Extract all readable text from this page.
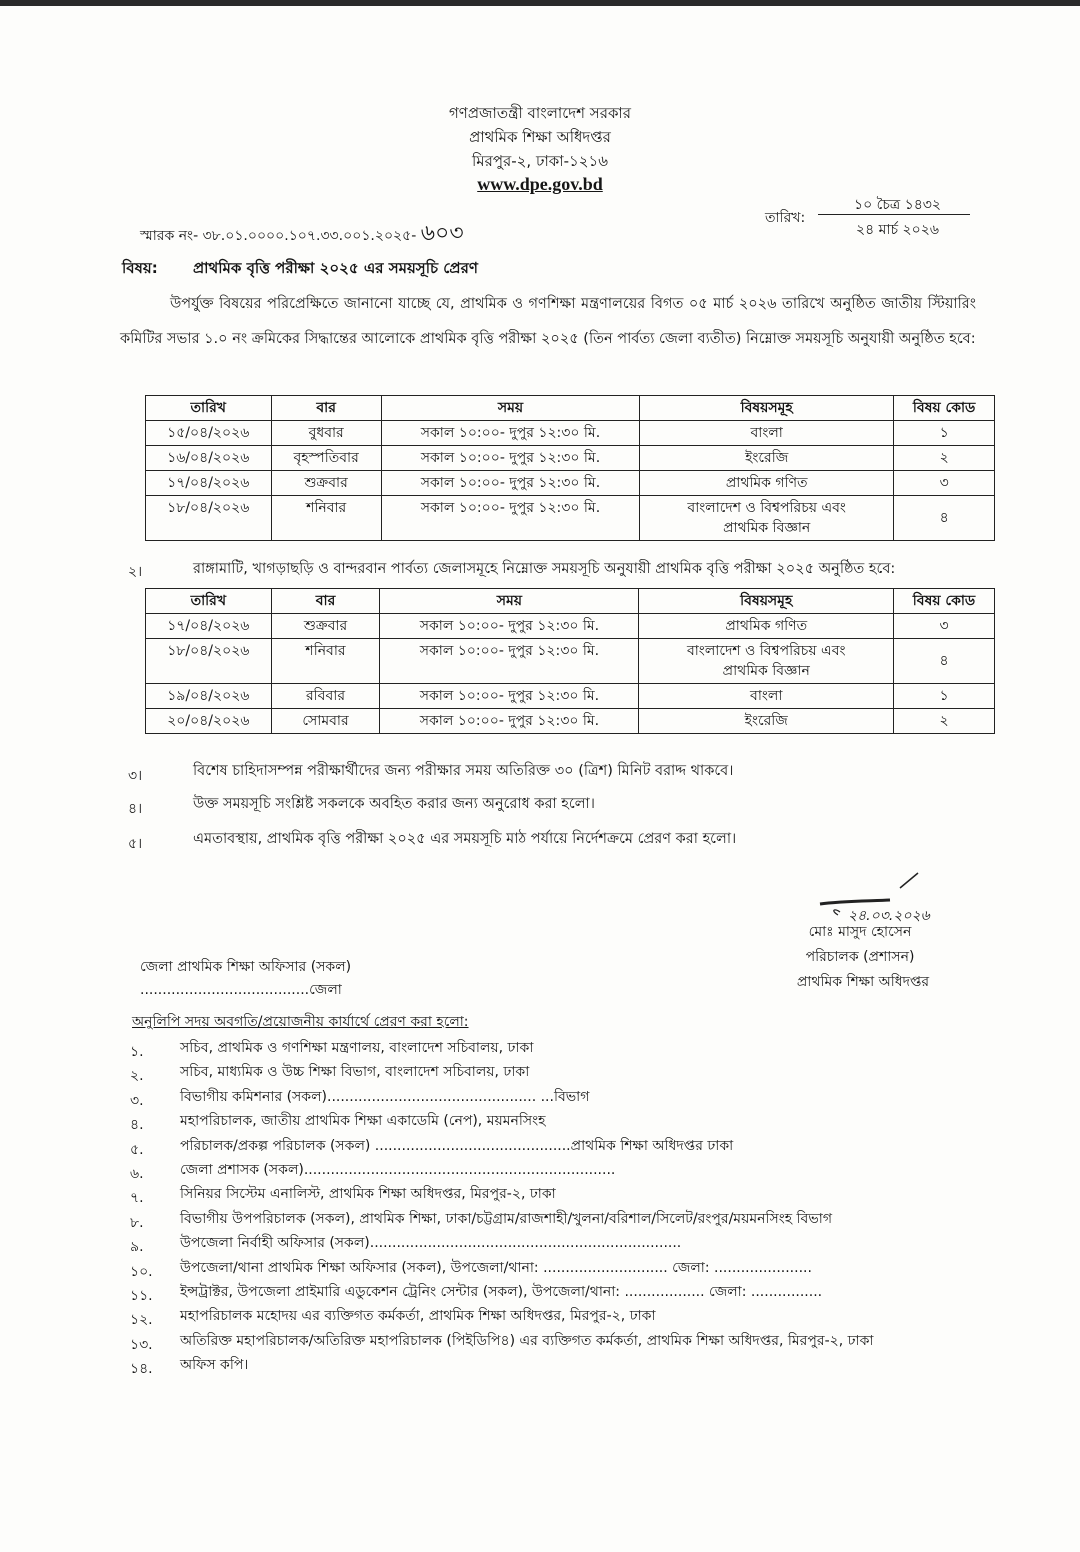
গণপ্রজাতন্ত্রী বাংলাদেশ সরকার
প্রাথমিক শিক্ষা অধিদপ্তর
মিরপুর-২, ঢাকা-১২১৬
www.dpe.gov.bd
স্মারক নং- ৩৮.০১.০০০০.১০৭.৩৩.০০১.২০২৫- ৬০৩
তারিখ:
১০ চৈত্র ১৪৩২
২৪ মার্চ ২০২৬
বিষয়: প্রাথমিক বৃত্তি পরীক্ষা ২০২৫ এর সময়সূচি প্রেরণ
উপর্যুক্ত বিষয়ের পরিপ্রেক্ষিতে জানানো যাচ্ছে যে, প্রাথমিক ও গণশিক্ষা মন্ত্রণালয়ের বিগত ০৫ মার্চ ২০২৬ তারিখে অনুষ্ঠিত জাতীয় স্টিয়ারিং কমিটির সভার ১.০ নং ক্রমিকের সিদ্ধান্তের আলোকে প্রাথমিক বৃত্তি পরীক্ষা ২০২৫ (তিন পার্বত্য জেলা ব্যতীত) নিম্নোক্ত সময়সূচি অনুযায়ী অনুষ্ঠিত হবে:
তারিখ	বার	সময়	বিষয়সমূহ	বিষয় কোড
১৫/০৪/২০২৬	বুধবার	সকাল ১০:০০- দুপুর ১২:৩০ মি.	বাংলা	১
১৬/০৪/২০২৬	বৃহস্পতিবার	সকাল ১০:০০- দুপুর ১২:৩০ মি.	ইংরেজি	২
১৭/০৪/২০২৬	শুক্রবার	সকাল ১০:০০- দুপুর ১২:৩০ মি.	প্রাথমিক গণিত	৩
১৮/০৪/২০২৬	শনিবার	সকাল ১০:০০- দুপুর ১২:৩০ মি.	বাংলাদেশ ও বিশ্বপরিচয় এবং প্রাথমিক বিজ্ঞান	৪
২।	রাঙ্গামাটি, খাগড়াছড়ি ও বান্দরবান পার্বত্য জেলাসমূহে নিম্নোক্ত সময়সূচি অনুযায়ী প্রাথমিক বৃত্তি পরীক্ষা ২০২৫ অনুষ্ঠিত হবে:
তারিখ	বার	সময়	বিষয়সমূহ	বিষয় কোড
১৭/০৪/২০২৬	শুক্রবার	সকাল ১০:০০- দুপুর ১২:৩০ মি.	প্রাথমিক গণিত	৩
১৮/০৪/২০২৬	শনিবার	সকাল ১০:০০- দুপুর ১২:৩০ মি.	বাংলাদেশ ও বিশ্বপরিচয় এবং প্রাথমিক বিজ্ঞান	৪
১৯/০৪/২০২৬	রবিবার	সকাল ১০:০০- দুপুর ১২:৩০ মি.	বাংলা	১
২০/০৪/২০২৬	সোমবার	সকাল ১০:০০- দুপুর ১২:৩০ মি.	ইংরেজি	২
৩।	বিশেষ চাহিদাসম্পন্ন পরীক্ষার্থীদের জন্য পরীক্ষার সময় অতিরিক্ত ৩০ (ত্রিশ) মিনিট বরাদ্দ থাকবে।
৪।	উক্ত সময়সূচি সংশ্লিষ্ট সকলকে অবহিত করার জন্য অনুরোধ করা হলো।
৫।	এমতাবস্থায়, প্রাথমিক বৃত্তি পরীক্ষা ২০২৫ এর সময়সূচি মাঠ পর্যায়ে নির্দেশক্রমে প্রেরণ করা হলো।
২৪.০৩.২০২৬
মোঃ মাসুদ হোসেন
পরিচালক (প্রশাসন)
প্রাথমিক শিক্ষা অধিদপ্তর
জেলা প্রাথমিক শিক্ষা অফিসার (সকল)
......................................জেলা
অনুলিপি সদয় অবগতি/প্রয়োজনীয় কার্যার্থে প্রেরণ করা হলো:
১.	সচিব, প্রাথমিক ও গণশিক্ষা মন্ত্রণালয়, বাংলাদেশ সচিবালয়, ঢাকা
২.	সচিব, মাধ্যমিক ও উচ্চ শিক্ষা বিভাগ, বাংলাদেশ সচিবালয়, ঢাকা
৩.	বিভাগীয় কমিশনার (সকল)............................................... ...বিভাগ
৪.	মহাপরিচালক, জাতীয় প্রাথমিক শিক্ষা একাডেমি (নেপ), ময়মনসিংহ
৫.	পরিচালক/প্রকল্প পরিচালক (সকল) ............................................প্রাথমিক শিক্ষা অধিদপ্তর ঢাকা
৬.	জেলা প্রশাসক (সকল)......................................................................
৭.	সিনিয়র সিস্টেম এনালিস্ট, প্রাথমিক শিক্ষা অধিদপ্তর, মিরপুর-২, ঢাকা
৮.	বিভাগীয় উপপরিচালক (সকল), প্রাথমিক শিক্ষা, ঢাকা/চট্টগ্রাম/রাজশাহী/খুলনা/বরিশাল/সিলেট/রংপুর/ময়মনসিংহ বিভাগ
৯.	উপজেলা নির্বাহী অফিসার (সকল)......................................................................
১০. উপজেলা/থানা প্রাথমিক শিক্ষা অফিসার (সকল), উপজেলা/থানা: ............................ জেলা: ......................
১১. ইন্সট্রাক্টর, উপজেলা প্রাইমারি এডুকেশন ট্রেনিং সেন্টার (সকল), উপজেলা/থানা: .................. জেলা: ................
১২. মহাপরিচালক মহোদয় এর ব্যক্তিগত কর্মকর্তা, প্রাথমিক শিক্ষা অধিদপ্তর, মিরপুর-২, ঢাকা
১৩. অতিরিক্ত মহাপরিচালক/অতিরিক্ত মহাপরিচালক (পিইডিপি৪) এর ব্যক্তিগত কর্মকর্তা, প্রাথমিক শিক্ষা অধিদপ্তর, মিরপুর-২, ঢাকা
১৪. অফিস কপি।
